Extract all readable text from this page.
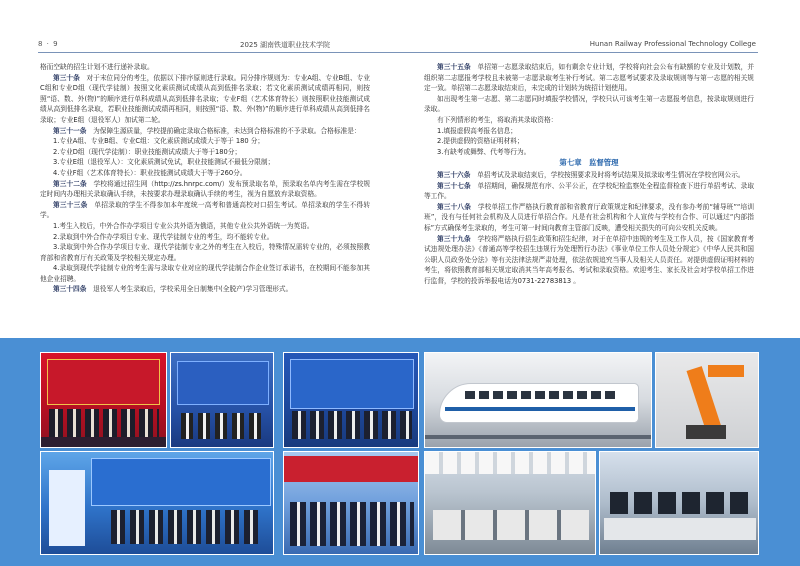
8 · 9	2025 湖南铁道职业技术学院	Hunan Railway Professional Technology College

格而空缺的招生计划不进行递补录取。

第三十条　 对于末位同分的考生，依据以下排序原则进行录取。同分排序规则为：专业A组、专业B组、专业C组和专业D组（现代学徒制）按照文化素质测试成绩从高到低排名录取；若文化素质测试成绩再相同，则按照“语、数、外(物)”的顺序进行单科成绩从高到低排名录取；专业F组（艺术体育特长）则按照职业技能测试成绩从高到低排名录取，若职业技能测试成绩再相同，则按照“语、数、外(物)”的顺序进行单科成绩从高到低排名录取；专业E组（退役军人）加试第二轮。

第三十一条　 为保障生源质量，学校提前确定录取合格标准，未达到合格标准的不予录取。合格标准是：

1.专业A组、专业B组、专业C组：文化素质测试成绩大于等于 180 分；

2.专业D组（现代学徒制）：职业技能测试成绩大于等于180分；

3.专业E组（退役军人）：文化素质测试免试，职业技能测试不最低分限制；

4.专业F组（艺术体育特长）：职业技能测试成绩大于等于260分。

第三十二条　 学校将通过招生网（http://zs.hnrpc.com/）发布预录取名单，预录取名单内考生需在学校规定时间内办理相关录取确认手续，未按要求办理录取确认手续的考生，视为自愿放弃录取资格。

第三十三条　 单招录取的学生不得参加本年度统一高考和普通高校对口招生考试。单招录取的学生不得转学。

1.考生入校后，中外合作办学项目专业公共外语为俄语，其他专业公共外语统一为英语。

2.录取到中外合作办学项目专业、现代学徒制专业的考生，均不能转专业。

3.录取到中外合作办学项目专业、现代学徒制专业之外的考生在入校后，特殊情况需转专业的，必须按照教育部和省教育厅有关政策及学校相关规定办理。

4.录取到现代学徒制专业的考生需与录取专业对应的现代学徒制合作企业签订承诺书，在校期间不能参加其他企业招聘。

第三十四条　 退役军人考生录取后，学校采用全日制集中(全脱产)学习管理形式。

第三十五条　 单招第一志愿录取结束后，如有剩余专业计划，学校将向社会公布有缺额的专业及计划数，并组织第二志愿报考学校且未被第一志愿录取考生补行考试。第二志愿考试要求及录取规则等与第一志愿的相关规定一致。单招第二志愿录取结束后，未完成的计划转为统招计划使用。

如出现考生第一志愿、第二志愿同时填报学校情况，学校只认可该考生第一志愿报考信息，按录取规则进行录取。

有下列情形的考生，将取消其录取资格：

1.填报虚假高考报名信息；

2.提供虚假的资格证明材料；

3.有缺考或舞弊、代考等行为。

第七章　监督管理

第三十六条　 单招考试及录取结束后，学校按照要求及时将考试结果及拟录取考生情况在学校官网公示。

第三十七条　 单招期间，确保规范有序、公平公正，在学校纪检监察处全程监督检查下进行单招考试、录取等工作。

第三十八条　 学校单招工作严格执行教育部和省教育厅政策规定和纪律要求，没有参办考前“辅导班”“培训班”，没有与任何社会机构及人员进行单招合作。凡是有社会机构和个人宣传与学校有合作、可以通过“内部指标”方式确保考生录取的，考生可第一时间向教育主管部门反映，遭受相关损失的可向公安机关反映。

第三十九条　 学校将严格执行招生政策和招生纪律，对于在单招中违规的考生及工作人员，按《国家教育考试违规处理办法》《普通高等学校招生违规行为处理暂行办法》《事业单位工作人员处分规定》《中华人民共和国公职人员政务处分法》等有关法律法规严肃处理，依法依规追究当事人及相关人员责任。对提供虚假证明材料的考生，将依照教育部相关规定取消其当年高考报名、考试和录取资格。欢迎考生、家长及社会对学校单招工作进行监督，学校的投诉举报电话为0731-22783813 。
